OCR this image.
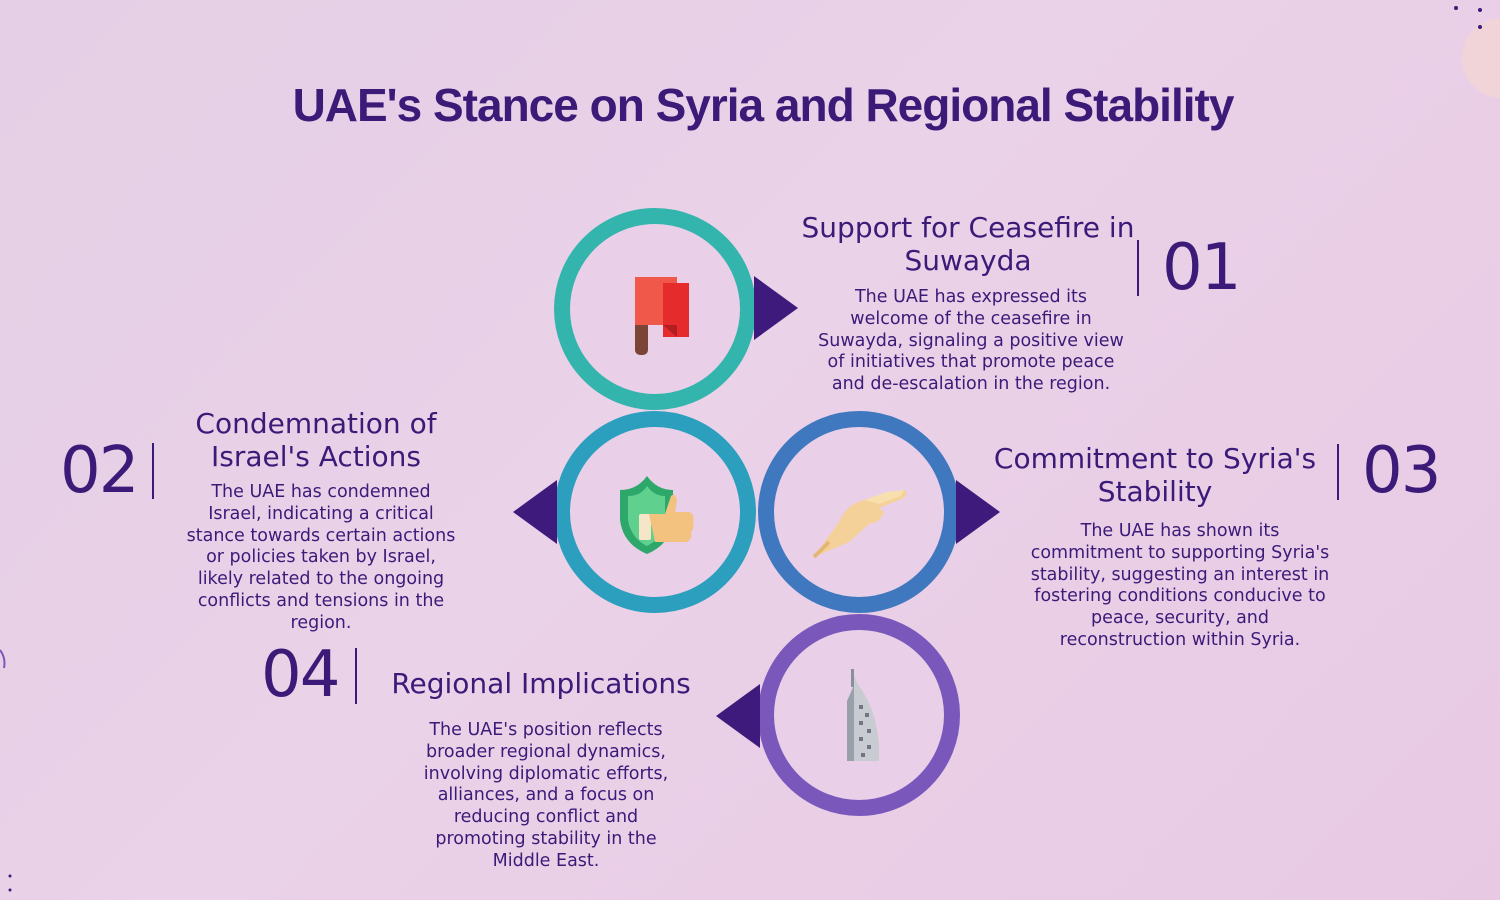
UAE's Stance on Syria and Regional Stability
Support for Ceasefire in Suwayda

The UAE has expressed its welcome of the ceasefire in Suwayda, signaling a positive view of initiatives that promote peace and de-escalation in the region.

01
02
Condemnation of Israel's Actions

The UAE has condemned Israel, indicating a critical stance towards certain actions or policies taken by Israel, likely related to the ongoing conflicts and tensions in the region.

Commitment to Syria's Stability

The UAE has shown its commitment to supporting Syria's stability, suggesting an interest in fostering conditions conducive to peace, security, and reconstruction within Syria.

03
04	Regional Implications

The UAE's position reflects broader regional dynamics, involving diplomatic efforts, alliances, and a focus on reducing conflict and promoting stability in the Middle East.
